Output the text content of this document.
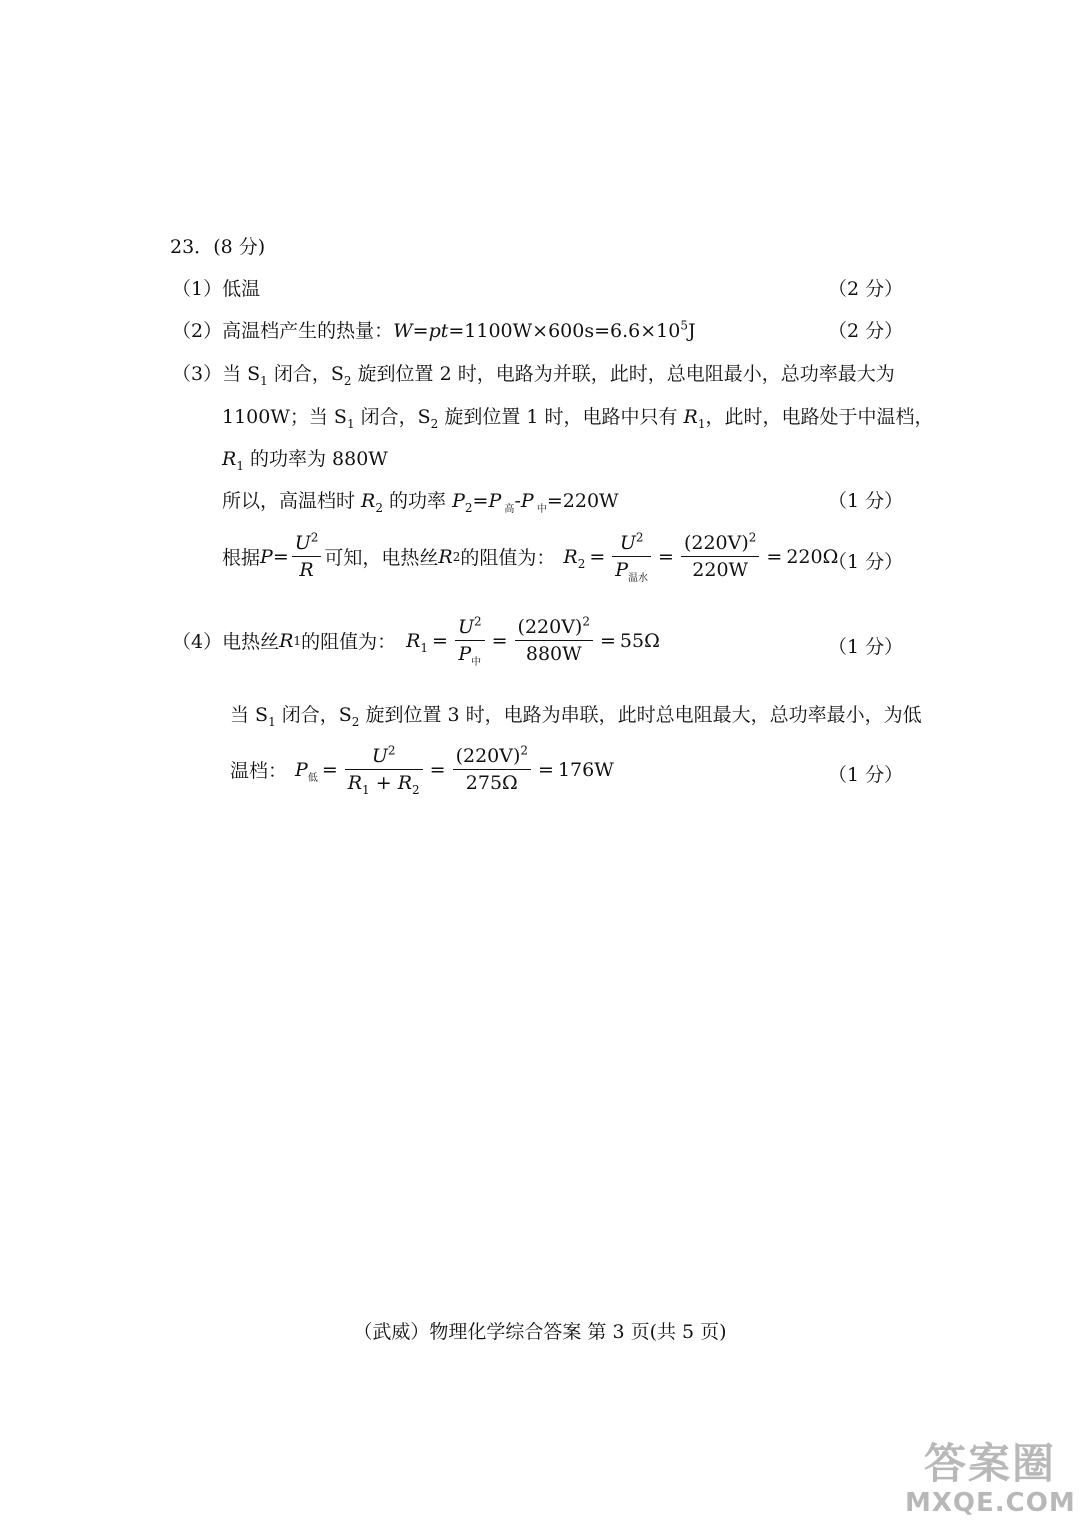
23．(8 分)
（1）低温	（2 分）
（2）高温档产生的热量：$W=pt=1100W\times 600s=6.6\times 10^5J$	（2 分）
（3）当 $S_1$ 闭合，$S_2$ 旋到位置 2 时，电路为并联，此时，总电阻最小，总功率最大为
1100W；当 $S_1$ 闭合，$S_2$ 旋到位置 1 时，电路中只有 $R_1$，此时，电路处于中温档，
$R_1$ 的功率为 880W
所以，高温档时 $R_2$ 的功率 $P_2=P$ $_高$-P $_中$=220W	（1 分）
根据$P= \frac{U^2}{R}$ 可知，电热丝R2的阻值为： $R_2 = \frac{U^2}{P_{温水}} = \frac{(220V)^2}{220W} = 220\Omega$
（1 分）
（4）电热丝R1的阻值为： $R_1 = \frac{U^2}{P_中} = \frac{(220V)^2}{880W} = 55\Omega$	（1 分）
当 $S_1$ 闭合，$S_2$ 旋到位置 3 时，电路为串联，此时总电阻最大，总功率最小，为低
温档： $P_低 = \frac{U^2}{R_1 + R_2} = \frac{(220V)^2}{275\Omega} = 176W$	（1 分）
（武威）物理化学综合答案 第 3 页(共 5 页)
答案圈
MXQE.COM
